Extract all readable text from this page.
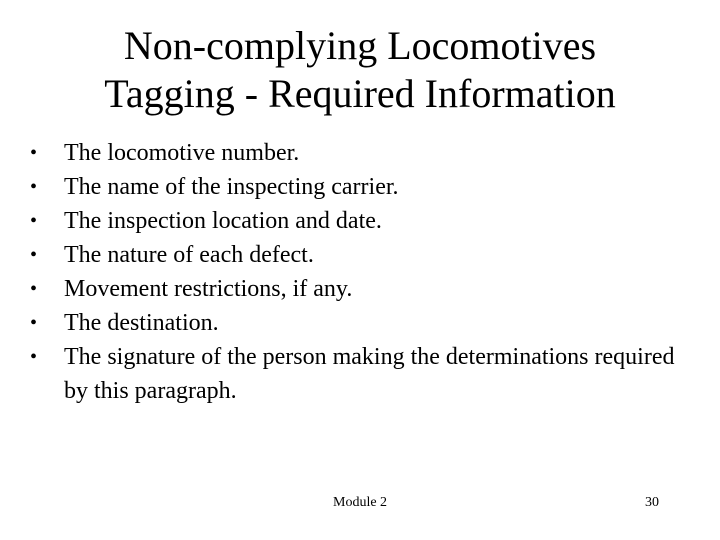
Non-complying Locomotives
Tagging - Required Information
•	The locomotive number.
•	The name of the inspecting carrier.
•	The inspection location and date.
•	The nature of each defect.
•	Movement restrictions, if any.
•	The destination.
•	The signature of the person making the determinations required by this paragraph.
Module 2	30
